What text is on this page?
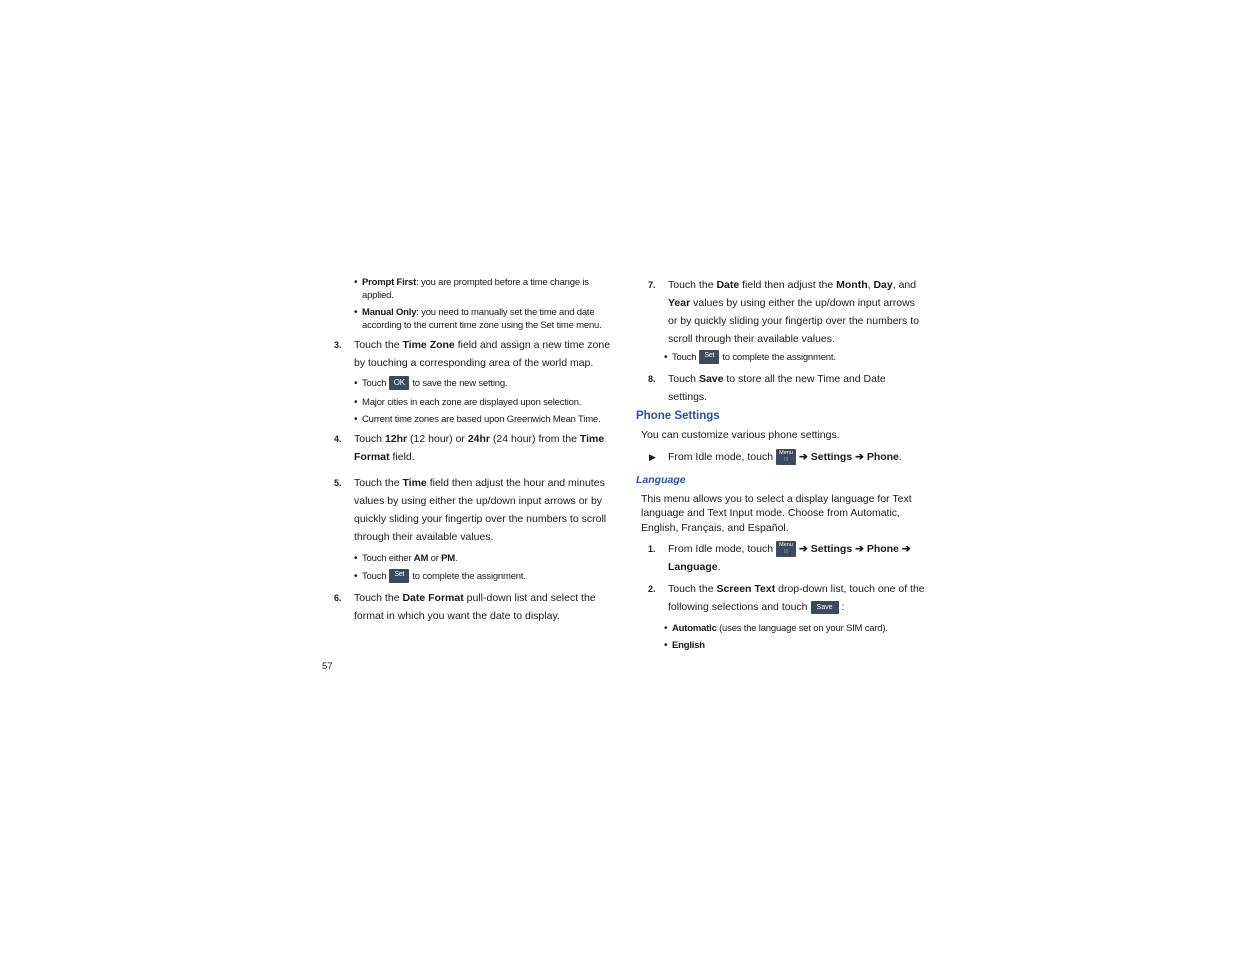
• Prompt First: you are prompted before a time change is applied.
• Manual Only: you need to manually set the time and date according to the current time zone using the Set time menu.
3. Touch the Time Zone field and assign a new time zone by touching a corresponding area of the world map.
• Touch OK to save the new setting.
• Major cities in each zone are displayed upon selection.
• Current time zones are based upon Greenwich Mean Time.
4. Touch 12hr (12 hour) or 24hr (24 hour) from the Time Format field.
5. Touch the Time field then adjust the hour and minutes values by using either the up/down input arrows or by quickly sliding your fingertip over the numbers to scroll through their available values.
• Touch either AM or PM.
• Touch Set to complete the assignment.
6. Touch the Date Format pull-down list and select the format in which you want the date to display.
7. Touch the Date field then adjust the Month, Day, and Year values by using either the up/down input arrows or by quickly sliding your fingertip over the numbers to scroll through their available values.
• Touch Set to complete the assignment.
8. Touch Save to store all the new Time and Date settings.
Phone Settings

You can customize various phone settings.

▶ From Idle mode, touch Menu
⁞⁞⁞	➔ Settings ➔ Phone.
Language

This menu allows you to select a display language for Text language and Text Input mode. Choose from Automatic, English, Français, and Español.

1. From Idle mode, touch Menu
⁞⁞⁞	➔ Settings ➔ Phone ➔ Language.
2. Touch the Screen Text drop-down list, touch one of the following selections and touch Save :
• Automatic (uses the language set on your SIM card).
• English
57
